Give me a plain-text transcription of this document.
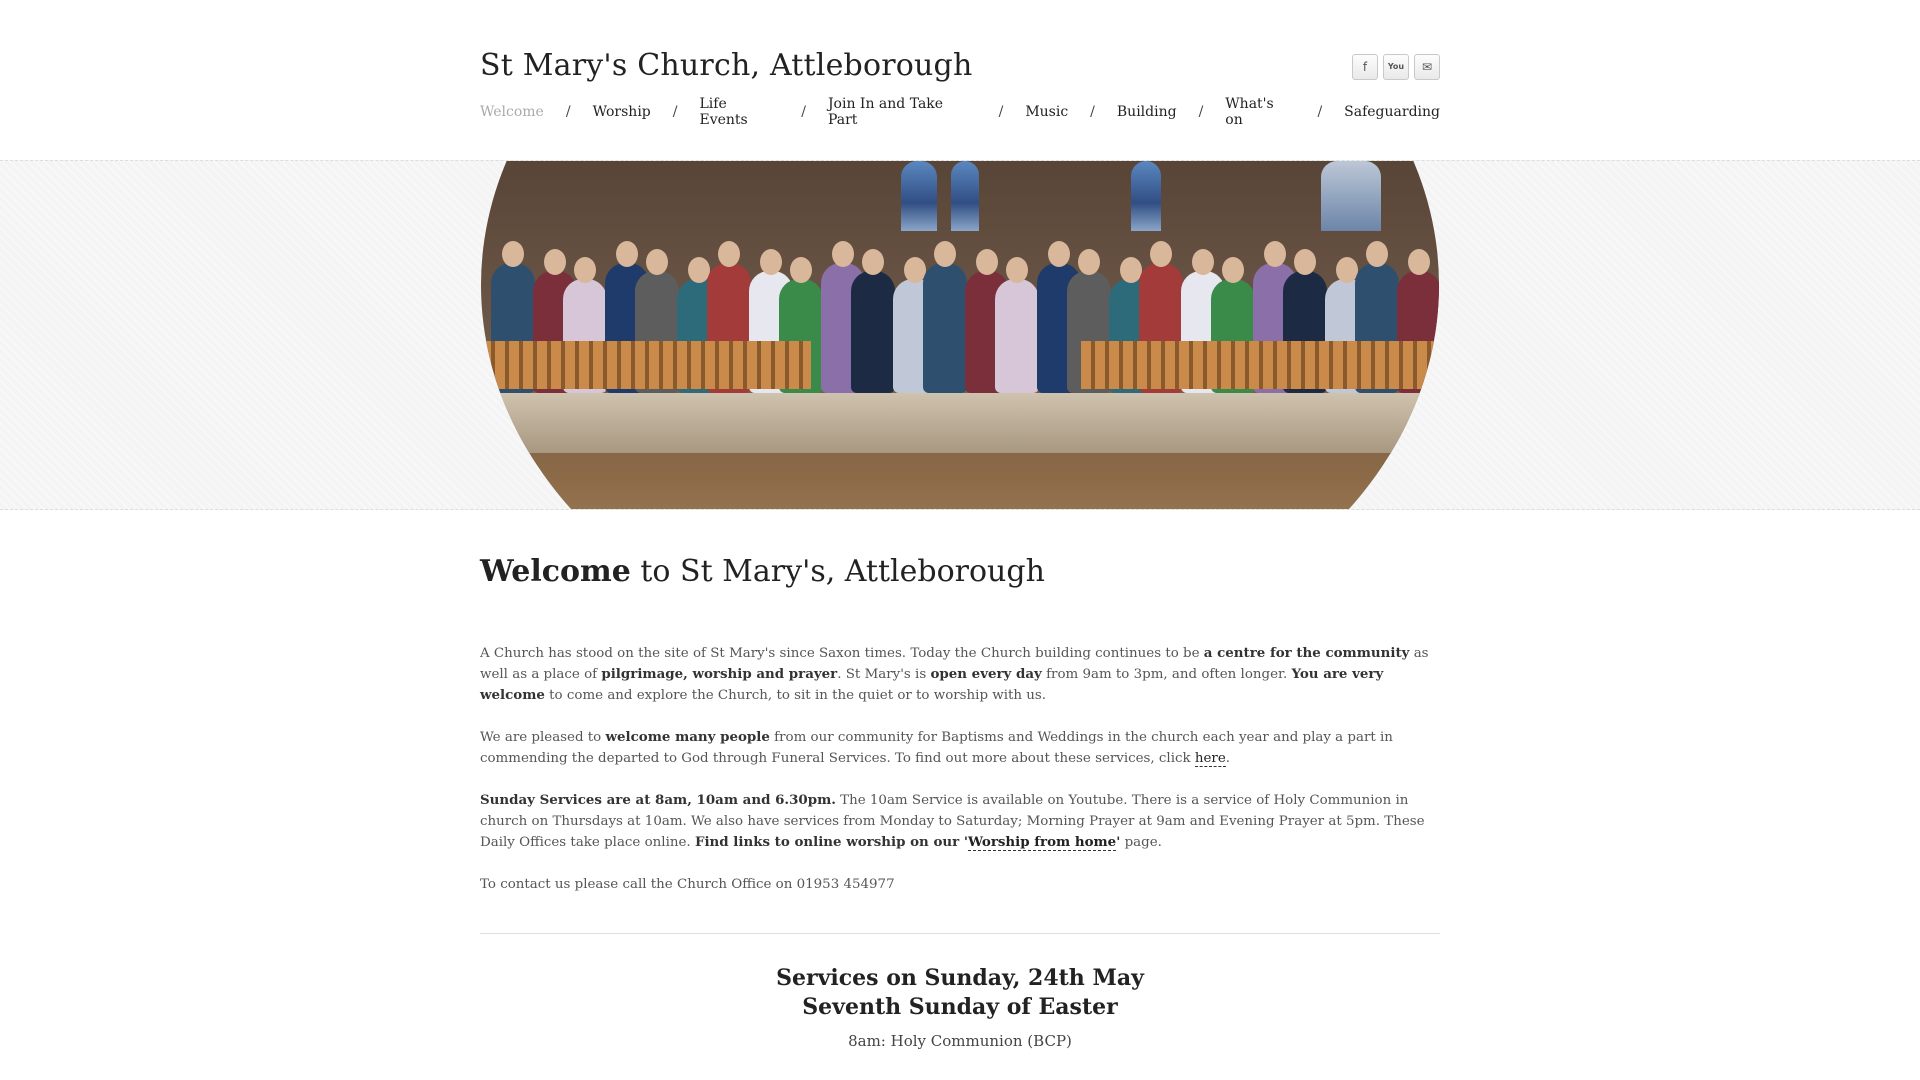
St Mary's Church, Attleborough	f	You ✉
Welcome / Worship / Life Events	/ Join In and Take Part	/ Music / Building / What's on	/ Safeguarding
Welcome to St Mary's, Attleborough

A Church has stood on the site of St Mary's since Saxon times. Today the Church building continues to be a centre for the community as well as a place of pilgrimage, worship and prayer. St Mary's is open every day from 9am to 3pm, and often longer. You are very welcome to come and explore the Church, to sit in the quiet or to worship with us.

We are pleased to welcome many people from our community for Baptisms and Weddings in the church each year and play a part in commending the departed to God through Funeral Services. To find out more about these services, click here.

Sunday Services are at 8am, 10am and 6.30pm. The 10am Service is available on Youtube. There is a service of Holy Communion in church on Thursdays at 10am. We also have services from Monday to Saturday; Morning Prayer at 9am and Evening Prayer at 5pm. These Daily Offices take place online. Find links to online worship on our 'Worship from home' page.

To contact us please call the Church Office on 01953 454977

Services on Sunday, 24th May
Seventh Sunday of Easter
8am: Holy Communion (BCP)
